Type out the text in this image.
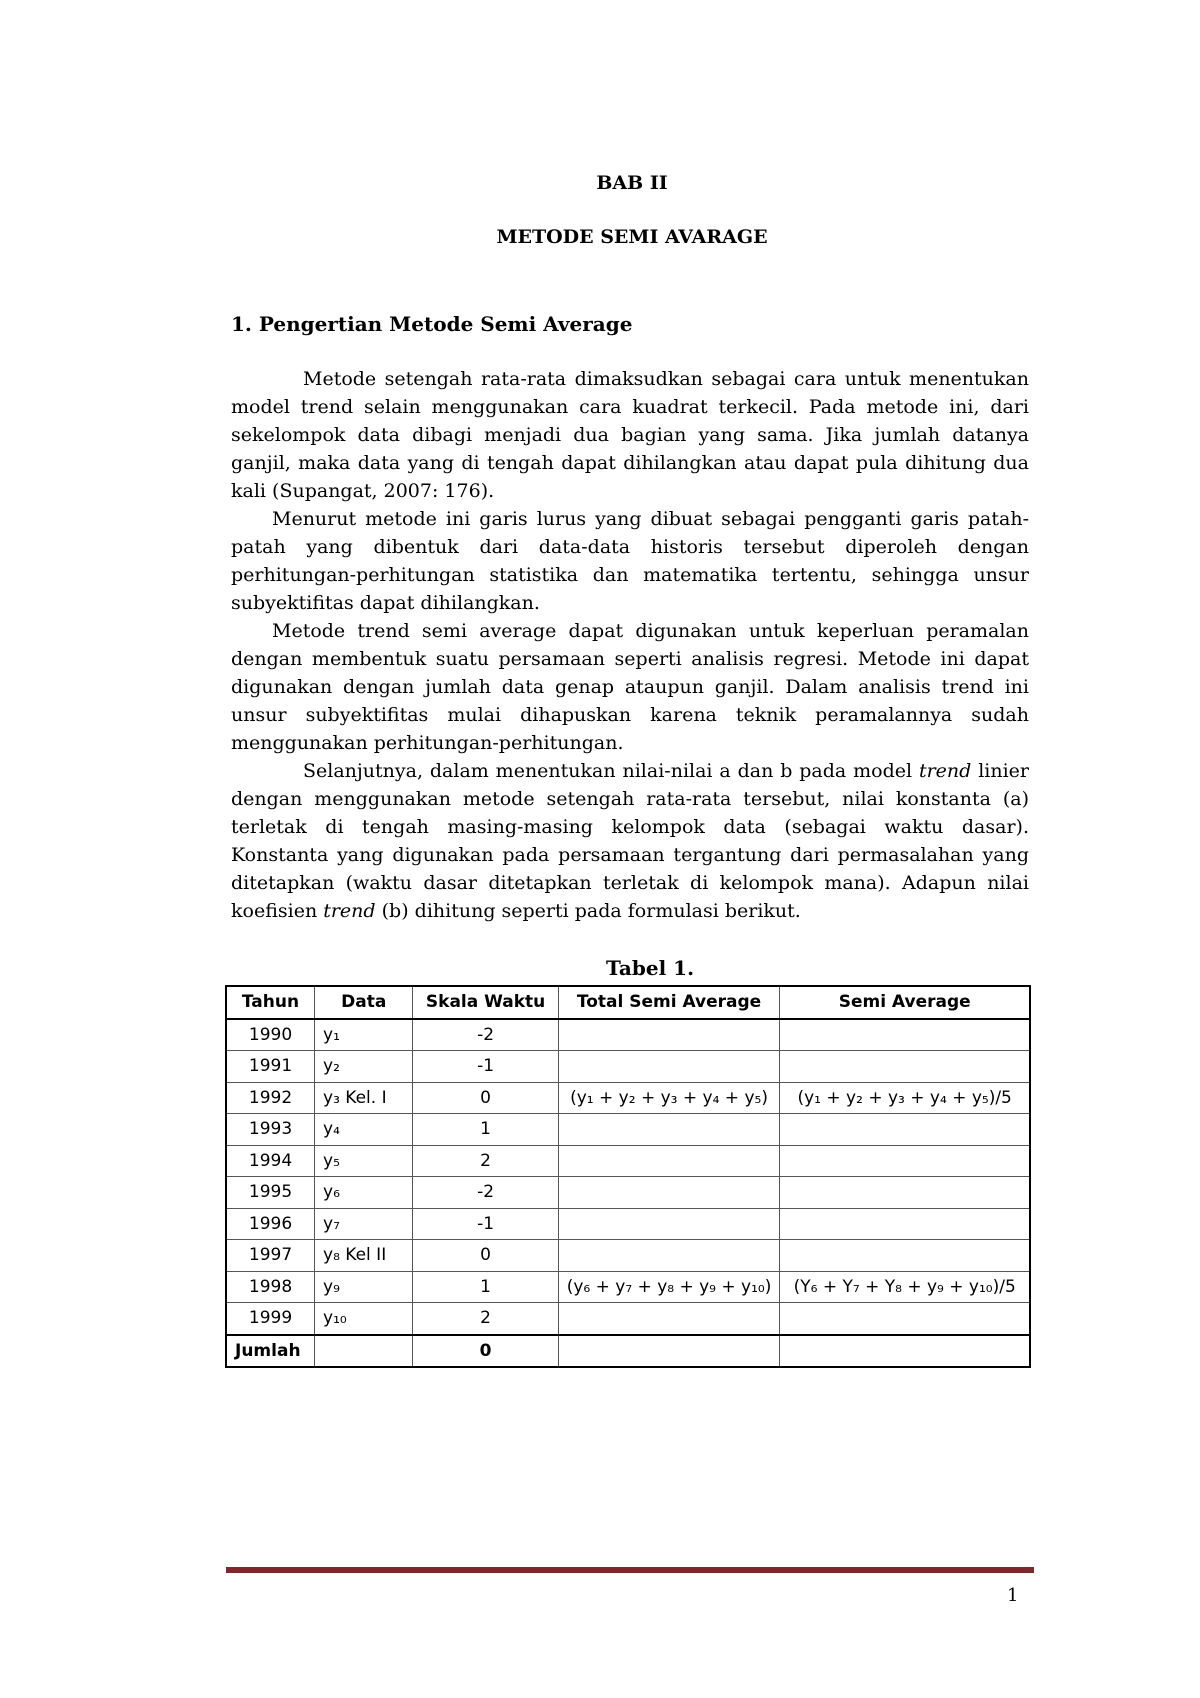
BAB II
METODE SEMI AVARAGE
1. Pengertian Metode Semi Average

Metode setengah rata-rata dimaksudkan sebagai cara untuk menentukan model trend selain menggunakan cara kuadrat terkecil. Pada metode ini, dari sekelompok data dibagi menjadi dua bagian yang sama. Jika jumlah datanya ganjil, maka data yang di tengah dapat dihilangkan atau dapat pula dihitung dua kali (Supangat, 2007: 176).

Menurut metode ini garis lurus yang dibuat sebagai pengganti garis patah-patah yang dibentuk dari data-data historis tersebut diperoleh dengan perhitungan-perhitungan statistika dan matematika tertentu, sehingga unsur subyektifitas dapat dihilangkan.

Metode trend semi average dapat digunakan untuk keperluan peramalan dengan membentuk suatu persamaan seperti analisis regresi. Metode ini dapat digunakan dengan jumlah data genap ataupun ganjil. Dalam analisis trend ini unsur subyektifitas mulai dihapuskan karena teknik peramalannya sudah menggunakan perhitungan-perhitungan.

Selanjutnya, dalam menentukan nilai-nilai a dan b pada model trend linier dengan menggunakan metode setengah rata-rata tersebut, nilai konstanta (a) terletak di tengah masing-masing kelompok data (sebagai waktu dasar). Konstanta yang digunakan pada persamaan tergantung dari permasalahan yang ditetapkan (waktu dasar ditetapkan terletak di kelompok mana). Adapun nilai koefisien trend (b) dihitung seperti pada formulasi berikut.

Tabel 1.
Tahun	Data	Skala Waktu	Total Semi Average	Semi Average
1990	y₁	-2		
1991	y₂	-1		
1992	y₃ Kel. I	0	(y₁ + y₂ + y₃ + y₄ + y₅)	(y₁ + y₂ + y₃ + y₄ + y₅)/5
1993	y₄	1		
1994	y₅	2		
1995	y₆	-2		
1996	y₇	-1		
1997	y₈ Kel II	0		
1998	y₉	1	(y₆ + y₇ + y₈ + y₉ + y₁₀)	(Y₆ + Y₇ + Y₈ + y₉ + y₁₀)/5
1999	y₁₀	2		
Jumlah		0		
1
